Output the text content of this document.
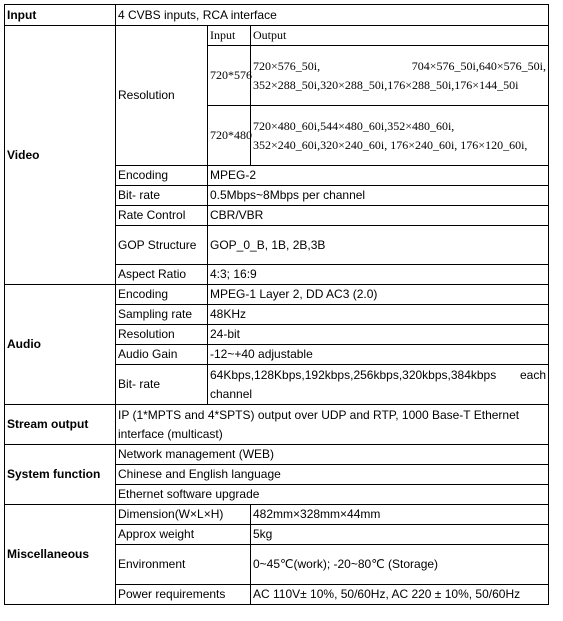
Input	4 CVBS inputs, RCA interface		
Video	Resolution	Input	Output
		720*576	720×576_50i, 704×576_50i,640×576_50i, 352×288_50i,320×288_50i,176×288_50i,176×144_50i
		720*480	720×480_60i,544×480_60i,352×480_60i, 352×240_60i,320×240_60i, 176×240_60i, 176×120_60i,
	Encoding	MPEG-2	
	Bit- rate	0.5Mbps~8Mbps per channel	
	Rate Control	CBR/VBR	
	GOP Structure	GOP_0_B, 1B, 2B,3B	
	Aspect Ratio	4:3; 16:9	

Audio	Encoding	MPEG-1 Layer 2, DD AC3 (2.0)	
	Sampling rate	48KHz	
	Resolution	24-bit	
	Audio Gain	-12~+40 adjustable	
	Bit- rate	64Kbps,128Kbps,192kbps,256kbps,320kbps,384kbps each channel	
Stream output	IP (1*MPTS and 4*SPTS) output over UDP and RTP, 1000 Base-T Ethernet interface (multicast)		
System function	Network management (WEB)		
	Chinese and English language		
	Ethernet software upgrade		
Miscellaneous	Dimension(W×L×H)		482mm×328mm×44mm
	Approx weight		5kg
	Environment		0~45℃(work); -20~80℃ (Storage)
	Power requirements		AC 110V± 10%, 50/60Hz, AC 220 ± 10%, 50/60Hz
